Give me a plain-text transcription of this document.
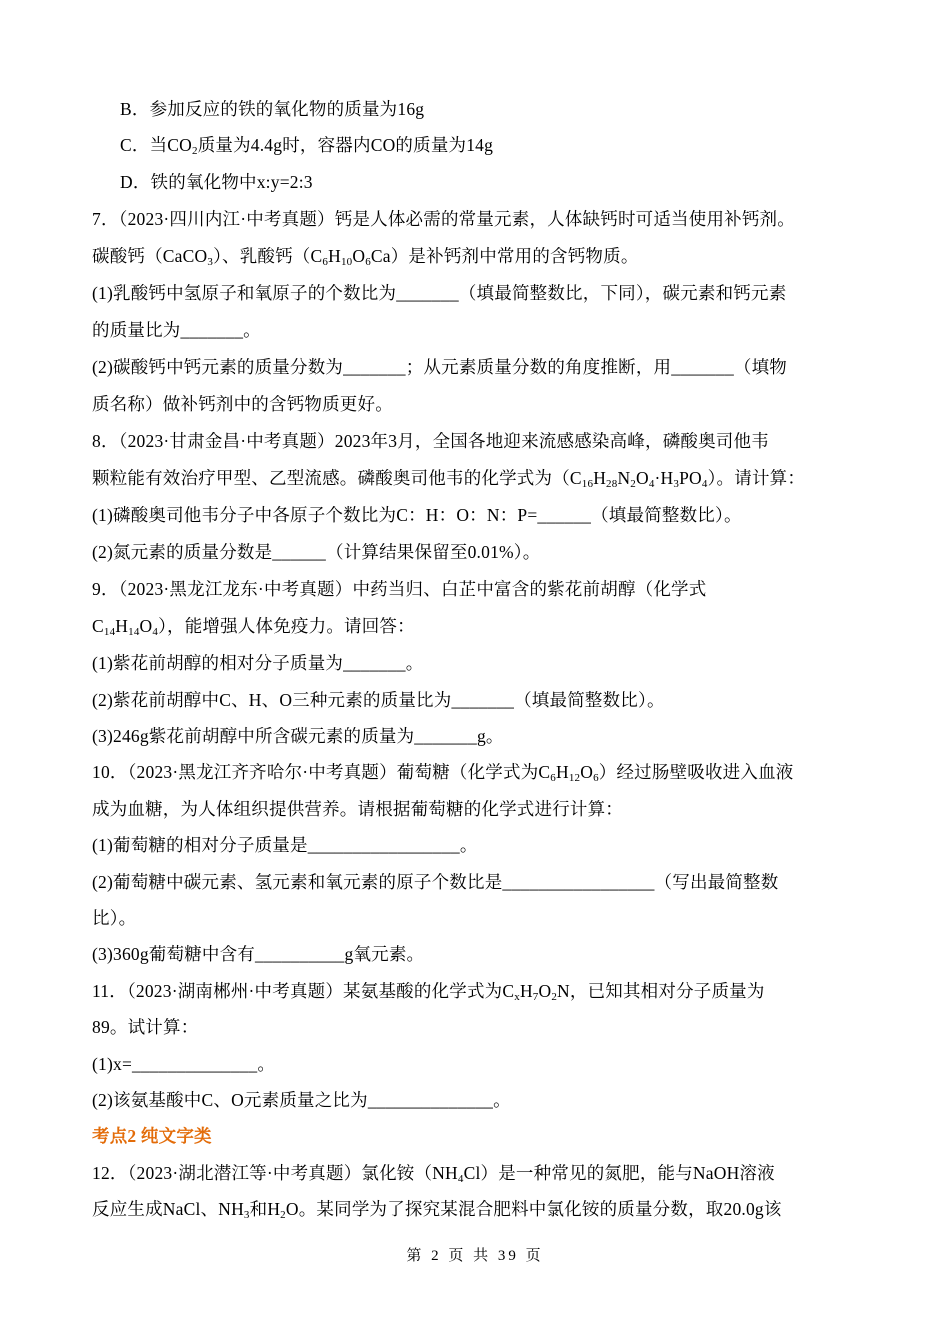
B．参加反应的铁的氧化物的质量为16g
C．当$CO_2$质量为4.4g时，容器内CO的质量为14g
D．铁的氧化物中x:y=2:3
7．（2023·四川内江·中考真题）钙是人体必需的常量元素，人体缺钙时可适当使用补钙剂。
碳酸钙（CaCO$_3$）、乳酸钙$(C_6H_{10}O_6Ca)$是补钙剂中常用的含钙物质。
(1)乳酸钙中氢原子和氧原子的个数比为_______（填最简整数比，下同），碳元素和钙元素
的质量比为_______。
(2)碳酸钙中钙元素的质量分数为_______；从元素质量分数的角度推断，用_______（填物
质名称）做补钙剂中的含钙物质更好。
8．（2023·甘肃金昌·中考真题）2023年3月，全国各地迎来流感感染高峰，磷酸奥司他韦
颗粒能有效治疗甲型、乙型流感。磷酸奥司他韦的化学式为$(C_{16}H_{28}N_2O_4\cdot H_3PO_4)$。请计算：
(1)磷酸奥司他韦分子中各原子个数比为C：H：O：N：P=______（填最简整数比）。
(2)氮元素的质量分数是______（计算结果保留至0.01%）。
9．（2023·黑龙江龙东·中考真题）中药当归、白芷中富含的紫花前胡醇（化学式
$C_{14}H_{14}O_4$），能增强人体免疫力。请回答：
(1)紫花前胡醇的相对分子质量为_______。
(2)紫花前胡醇中C、H、O三种元素的质量比为_______（填最简整数比）。
(3)246g紫花前胡醇中所含碳元素的质量为_______g。
10．（2023·黑龙江齐齐哈尔·中考真题）葡萄糖（化学式为$C_6H_{12}O_6$）经过肠壁吸收进入血液
成为血糖，为人体组织提供营养。请根据葡萄糖的化学式进行计算：
(1)葡萄糖的相对分子质量是_________________。
(2)葡萄糖中碳元素、氢元素和氧元素的原子个数比是_________________（写出最简整数
比）。
(3)360g葡萄糖中含有__________g氧元素。
11．（2023·湖南郴州·中考真题）某氨基酸的化学式为$C_xH_7O_2N$，已知其相对分子质量为
89。试计算：
(1)x=______________。
(2)该氨基酸中C、O元素质量之比为______________。
考点2 纯文字类
12．（2023·湖北潜江等·中考真题）氯化铵$(NH_4Cl)$是一种常见的氮肥，能与NaOH溶液
反应生成NaCl、$NH_3$和$H_2O$。某同学为了探究某混合肥料中氯化铵的质量分数，取20.0g该
第 2 页 共 39 页
